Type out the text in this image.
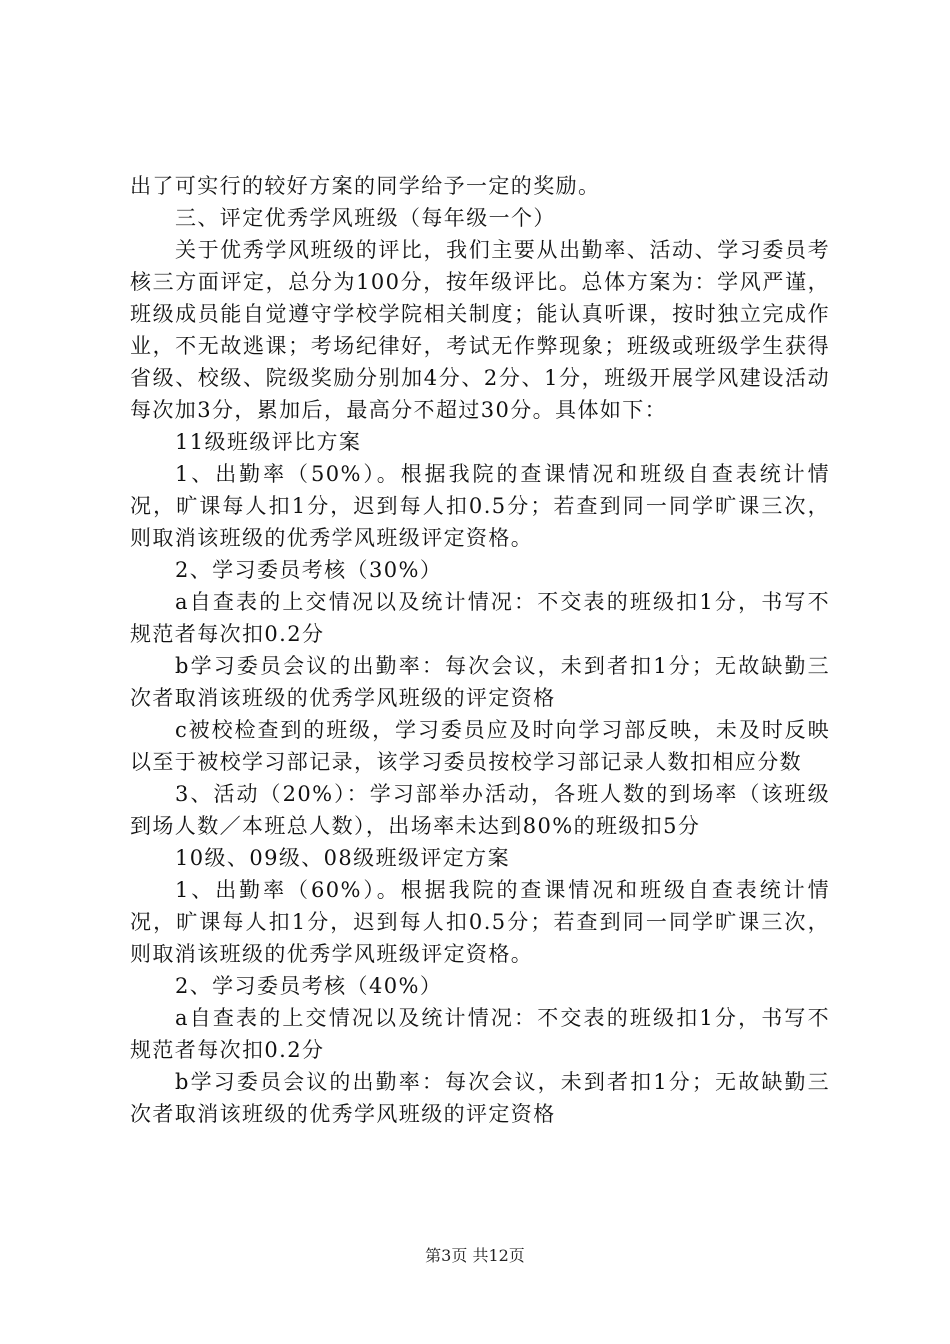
出了可实行的较好方案的同学给予一定的奖励。

三、评定优秀学风班级（每年级一个）

关于优秀学风班级的评比，我们主要从出勤率、活动、学习委员考核三方面评定，总分为100分，按年级评比。总体方案为：学风严谨，班级成员能自觉遵守学校学院相关制度；能认真听课，按时独立完成作业，不无故逃课；考场纪律好，考试无作弊现象；班级或班级学生获得省级、校级、院级奖励分别加4分、2分、1分，班级开展学风建设活动每次加3分，累加后，最高分不超过30分。具体如下：

11级班级评比方案

1、出勤率（50%）。根据我院的查课情况和班级自查表统计情况，旷课每人扣1分，迟到每人扣0.5分；若查到同一同学旷课三次，则取消该班级的优秀学风班级评定资格。

2、学习委员考核（30%）

a自查表的上交情况以及统计情况：不交表的班级扣1分，书写不规范者每次扣0.2分

b学习委员会议的出勤率：每次会议，未到者扣1分；无故缺勤三次者取消该班级的优秀学风班级的评定资格

c被校检查到的班级，学习委员应及时向学习部反映，未及时反映以至于被校学习部记录，该学习委员按校学习部记录人数扣相应分数

3、活动（20%）：学习部举办活动，各班人数的到场率（该班级到场人数／本班总人数），出场率未达到80%的班级扣5分

10级、09级、08级班级评定方案

1、出勤率（60%）。根据我院的查课情况和班级自查表统计情况，旷课每人扣1分，迟到每人扣0.5分；若查到同一同学旷课三次，则取消该班级的优秀学风班级评定资格。

2、学习委员考核（40%）

a自查表的上交情况以及统计情况：不交表的班级扣1分，书写不规范者每次扣0.2分

b学习委员会议的出勤率：每次会议，未到者扣1分；无故缺勤三次者取消该班级的优秀学风班级的评定资格

第3页 共12页
